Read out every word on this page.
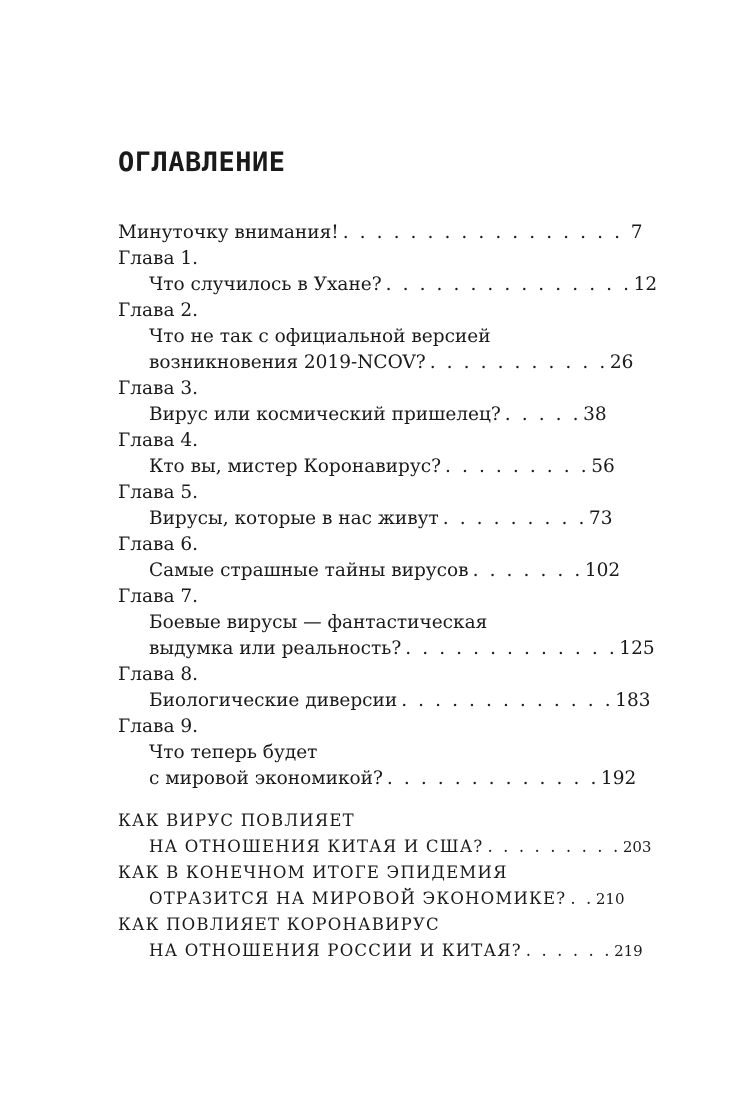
ОГЛАВЛЕНИЕ
Минуточку внимания! . . . . . . . . . . . . . . . . . 7
Глава 1.
Что случилось в Ухане? . . . . . . . . . . . . . . . 12
Глава 2.
Что не так с официальной версией
возникновения 2019-NCOV? . . . . . . . . . . . 26
Глава 3.
Вирус или космический пришелец? . . . . . 38
Глава 4.
Кто вы, мистер Коронавирус? . . . . . . . . . 56
Глава 5.
Вирусы, которые в нас живут . . . . . . . . . 73
Глава 6.
Самые страшные тайны вирусов . . . . . . . 102
Глава 7.
Боевые вирусы — фантастическая
выдумка или реальность? . . . . . . . . . . . . . 125
Глава 8.
Биологические диверсии . . . . . . . . . . . . . 183
Глава 9.
Что теперь будет
с мировой экономикой? . . . . . . . . . . . . . 192
КАК ВИРУС ПОВЛИЯЕТ
НА ОТНОШЕНИЯ КИТАЯ И США? . . . . . . . . . 203
КАК В КОНЕЧНОМ ИТОГЕ ЭПИДЕМИЯ
ОТРАЗИТСЯ НА МИРОВОЙ ЭКОНОМИКЕ? . . 210
КАК ПОВЛИЯЕТ КОРОНАВИРУС
НА ОТНОШЕНИЯ РОССИИ И КИТАЯ? . . . . . . 219
